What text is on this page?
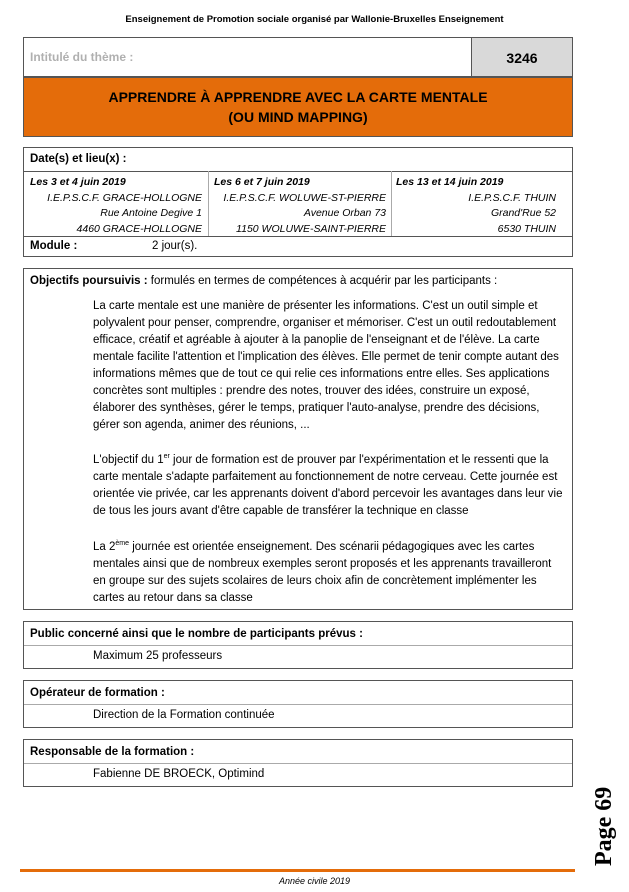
Enseignement de Promotion sociale organisé par Wallonie-Bruxelles Enseignement
Intitulé du thème :	3246
APPRENDRE À APPRENDRE AVEC LA CARTE MENTALE
(OU MIND MAPPING)
Date(s) et lieu(x) :
Les 3 et 4 juin 2019
I.E.P.S.C.F. GRACE-HOLLOGNE
Rue Antoine Degive 1
4460 GRACE-HOLLOGNE
Les 6 et 7 juin 2019
I.E.P.S.C.F. WOLUWE-ST-PIERRE
Avenue Orban 73
1150 WOLUWE-SAINT-PIERRE
Les 13 et 14 juin 2019
I.E.P.S.C.F. THUIN
Grand'Rue 52
6530 THUIN
Module :	2 jour(s).
Objectifs poursuivis : formulés en termes de compétences à acquérir par les participants :
La carte mentale est une manière de présenter les informations. C'est un outil simple et polyvalent pour penser, comprendre, organiser et mémoriser. C'est un outil redoutablement efficace, créatif et agréable à ajouter à la panoplie de l'enseignant et de l'élève. La carte mentale facilite l'attention et l'implication des élèves. Elle permet de tenir compte autant des informations mêmes que de tout ce qui relie ces informations entre elles. Ses applications concrètes sont multiples : prendre des notes, trouver des idées, construire un exposé, élaborer des synthèses, gérer le temps, pratiquer l'auto-analyse, prendre des décisions, gérer son agenda, animer des réunions, ...
L'objectif du 1er jour de formation est de prouver par l'expérimentation et le ressenti que la carte mentale s'adapte parfaitement au fonctionnement de notre cerveau. Cette journée est orientée vie privée, car les apprenants doivent d'abord percevoir les avantages dans leur vie de tous les jours avant d'être capable de transférer la technique en classe
La 2ème journée est orientée enseignement. Des scénarii pédagogiques avec les cartes mentales ainsi que de nombreux exemples seront proposés et les apprenants travailleront en groupe sur des sujets scolaires de leurs choix afin de concrètement implémenter les cartes au retour dans sa classe
Public concerné ainsi que le nombre de participants prévus :
Maximum 25 professeurs
Opérateur de formation :
Direction de la Formation continuée
Responsable de la formation :
Fabienne DE BROECK, Optimind
Page 69
Année civile 2019
